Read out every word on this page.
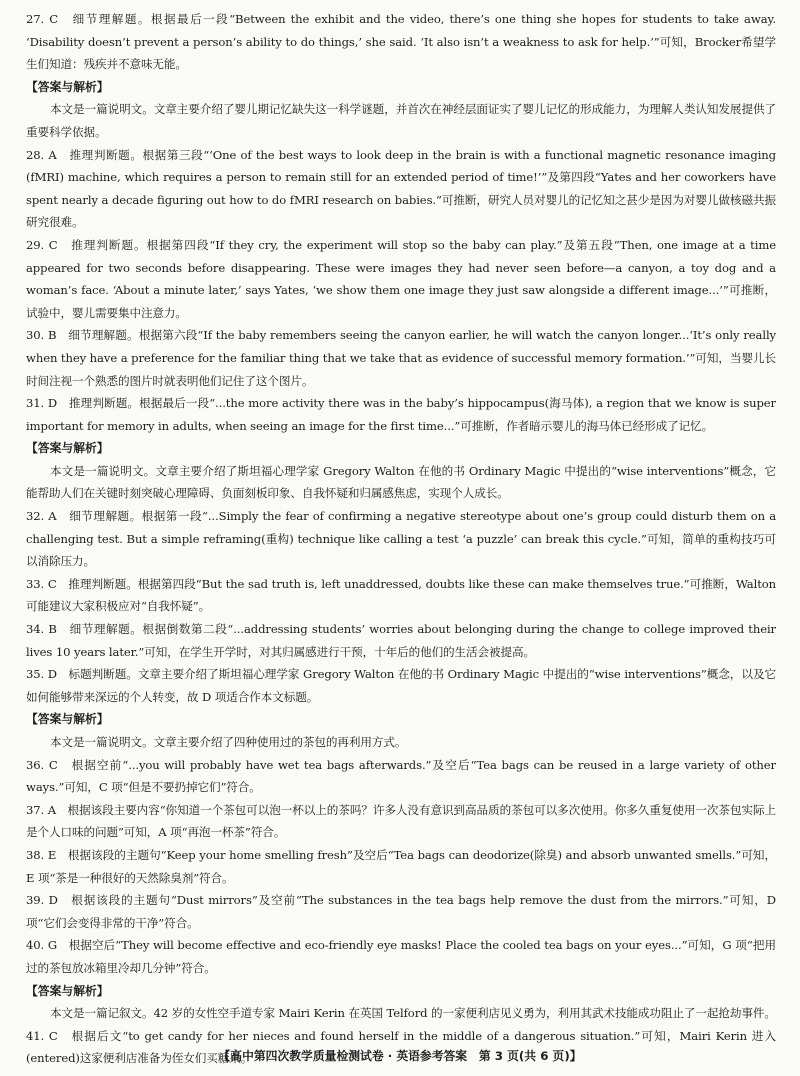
27. C　细节理解题。根据最后一段“Between the exhibit and the video, there’s one thing she hopes for students to take away. ‘Disability doesn’t prevent a person’s ability to do things,’ she said. ‘It also isn’t a weakness to ask for help.’”可知，Brocker希望学生们知道：残疾并不意味无能。

【答案与解析】

本文是一篇说明文。文章主要介绍了婴儿期记忆缺失这一科学谜题，并首次在神经层面证实了婴儿记忆的形成能力，为理解人类认知发展提供了重要科学依据。

28. A　推理判断题。根据第三段“‘One of the best ways to look deep in the brain is with a functional magnetic resonance imaging (fMRI) machine, which requires a person to remain still for an extended period of time!’”及第四段“Yates and her coworkers have spent nearly a decade figuring out how to do fMRI research on babies.”可推断，研究人员对婴儿的记忆知之甚少是因为对婴儿做核磁共振研究很难。

29. C　推理判断题。根据第四段“If they cry, the experiment will stop so the baby can play.”及第五段“Then, one image at a time appeared for two seconds before disappearing. These were images they had never seen before—a canyon, a toy dog and a woman’s face. ‘About a minute later,’ says Yates, ‘we show them one image they just saw alongside a different image...’”可推断，试验中，婴儿需要集中注意力。

30. B　细节理解题。根据第六段“If the baby remembers seeing the canyon earlier, he will watch the canyon longer...‘It’s only really when they have a preference for the familiar thing that we take that as evidence of successful memory formation.’”可知，当婴儿长时间注视一个熟悉的图片时就表明他们记住了这个图片。

31. D　推理判断题。根据最后一段“...the more activity there was in the baby’s hippocampus(海马体), a region that we know is super important for memory in adults, when seeing an image for the first time...”可推断，作者暗示婴儿的海马体已经形成了记忆。

【答案与解析】

本文是一篇说明文。文章主要介绍了斯坦福心理学家 Gregory Walton 在他的书 Ordinary Magic 中提出的“wise interventions”概念，它能帮助人们在关键时刻突破心理障碍、负面刻板印象、自我怀疑和归属感焦虑，实现个人成长。

32. A　细节理解题。根据第一段“...Simply the fear of confirming a negative stereotype about one’s group could disturb them on a challenging test. But a simple reframing(重构) technique like calling a test ‘a puzzle’ can break this cycle.”可知，简单的重构技巧可以消除压力。

33. C　推理判断题。根据第四段“But the sad truth is, left unaddressed, doubts like these can make themselves true.”可推断，Walton 可能建议大家积极应对“自我怀疑”。

34. B　细节理解题。根据倒数第二段“...addressing students’ worries about belonging during the change to college improved their lives 10 years later.”可知，在学生开学时，对其归属感进行干预，十年后的他们的生活会被提高。

35. D　标题判断题。文章主要介绍了斯坦福心理学家 Gregory Walton 在他的书 Ordinary Magic 中提出的“wise interventions”概念，以及它如何能够带来深远的个人转变，故 D 项适合作本文标题。

【答案与解析】

本文是一篇说明文。文章主要介绍了四种使用过的茶包的再利用方式。

36. C　根据空前“...you will probably have wet tea bags afterwards.”及空后“Tea bags can be reused in a large variety of other ways.”可知，C 项“但是不要扔掉它们”符合。

37. A　根据该段主要内容“你知道一个茶包可以泡一杯以上的茶吗？许多人没有意识到高品质的茶包可以多次使用。你多久重复使用一次茶包实际上是个人口味的问题”可知，A 项“再泡一杯茶”符合。

38. E　根据该段的主题句“Keep your home smelling fresh”及空后“Tea bags can deodorize(除臭) and absorb unwanted smells.”可知，E 项“茶是一种很好的天然除臭剂”符合。

39. D　根据该段的主题句“Dust mirrors”及空前“The substances in the tea bags help remove the dust from the mirrors.”可知，D 项“它们会变得非常的干净”符合。

40. G　根据空后“They will become effective and eco-friendly eye masks! Place the cooled tea bags on your eyes...”可知，G 项“把用过的茶包放冰箱里冷却几分钟”符合。

【答案与解析】

本文是一篇记叙文。42 岁的女性空手道专家 Mairi Kerin 在英国 Telford 的一家便利店见义勇为，利用其武术技能成功阻止了一起抢劫事件。

41. C　根据后文“to get candy for her nieces and found herself in the middle of a dangerous situation.”可知，Mairi Kerin 进入(entered)这家便利店准备为侄女们买糖果。

【高中第四次教学质量检测试卷 · 英语参考答案　第 3 页(共 6 页)】
